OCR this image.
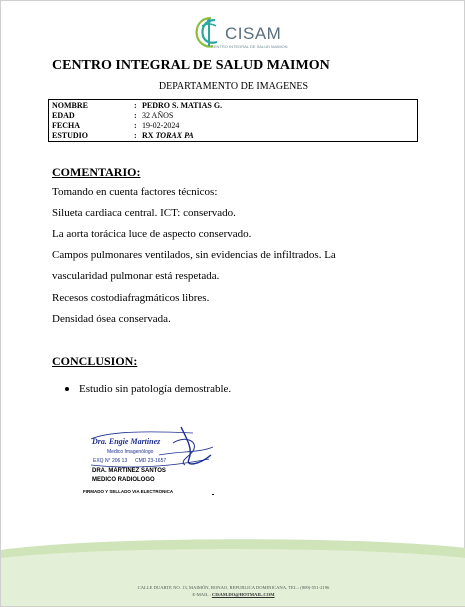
CISAM
CENTRO INTEGRAL DE SALUD MAIMON
CENTRO INTEGRAL DE SALUD MAIMON
DEPARTAMENTO DE IMAGENES
NOMBRE	: PEDRO S. MATIAS G.
EDAD	: 32 AÑOS
FECHA	: 19-02-2024
ESTUDIO	: RX TORAX PA
COMENTARIO:
Tomando en cuenta factores técnicos:
Silueta cardiaca central. ICT: conservado.
La aorta torácica luce de aspecto conservado.
Campos pulmonares ventilados, sin evidencias de infiltrados. La
vascularidad pulmonar está respetada.
Recesos costodiafragmáticos libres.
Densidad ósea conservada.
CONCLUSION:
Estudio sin patología demostrable.
Dra. Engie Martinez
Medico Imagenólogo
EXQ N° 206 13 CMD 23-1657
DRA. MARTINEZ SANTOS
MEDICO RADIOLOGO
FIRMADO Y SELLADO VIA ELECTRONICA
CALLE DUARTE NO. 13, MAIMÓN, BONAO, REPUBLICA DOMINICANA, TEL.: (809)-551-2196
E-MAIL : CISAM.DO@HOTMAIL.COM
